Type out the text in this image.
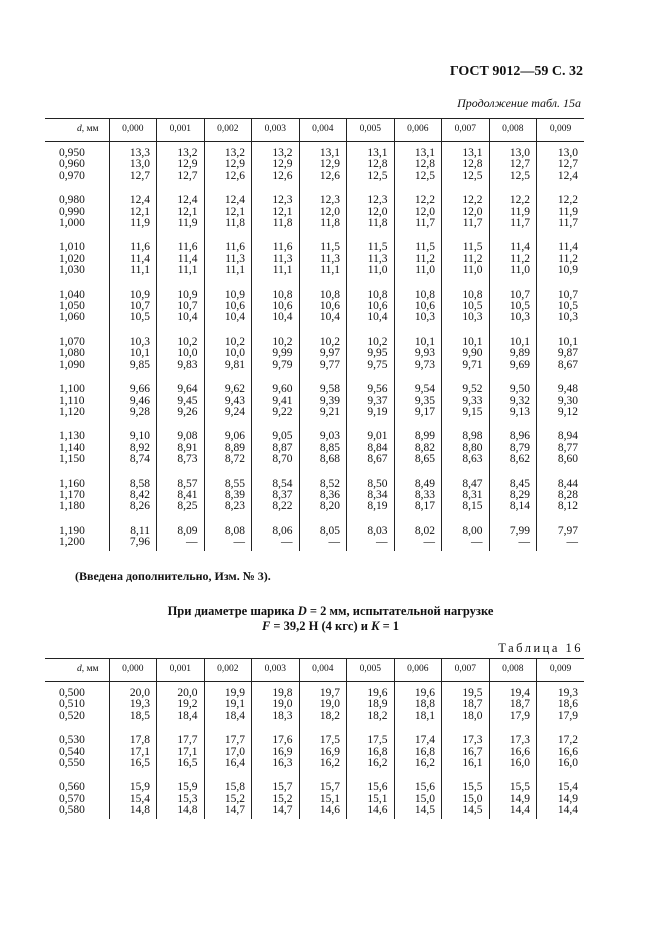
ГОСТ 9012—59 С. 32
Продолжение табл. 15а
d, мм	0,000	0,001	0,002	0,003	0,004	0,005	0,006	0,007	0,008	0,009
0,950	13,3	13,2	13,2	13,2	13,1	13,1	13,1	13,1	13,0	13,0
0,960	13,0	12,9	12,9	12,9	12,9	12,8	12,8	12,8	12,7	12,7
0,970	12,7	12,7	12,6	12,6	12,6	12,5	12,5	12,5	12,5	12,4
0,980	12,4	12,4	12,4	12,3	12,3	12,3	12,2	12,2	12,2	12,2
0,990	12,1	12,1	12,1	12,1	12,0	12,0	12,0	12,0	11,9	11,9
1,000	11,9	11,9	11,8	11,8	11,8	11,8	11,7	11,7	11,7	11,7
1,010	11,6	11,6	11,6	11,6	11,5	11,5	11,5	11,5	11,4	11,4
1,020	11,4	11,4	11,3	11,3	11,3	11,3	11,2	11,2	11,2	11,2
1,030	11,1	11,1	11,1	11,1	11,1	11,0	11,0	11,0	11,0	10,9
1,040	10,9	10,9	10,9	10,8	10,8	10,8	10,8	10,8	10,7	10,7
1,050	10,7	10,7	10,6	10,6	10,6	10,6	10,6	10,5	10,5	10,5
1,060	10,5	10,4	10,4	10,4	10,4	10,4	10,3	10,3	10,3	10,3
1,070	10,3	10,2	10,2	10,2	10,2	10,2	10,1	10,1	10,1	10,1
1,080	10,1	10,0	10,0	9,99	9,97	9,95	9,93	9,90	9,89	9,87
1,090	9,85	9,83	9,81	9,79	9,77	9,75	9,73	9,71	9,69	8,67
1,100	9,66	9,64	9,62	9,60	9,58	9,56	9,54	9,52	9,50	9,48
1,110	9,46	9,45	9,43	9,41	9,39	9,37	9,35	9,33	9,32	9,30
1,120	9,28	9,26	9,24	9,22	9,21	9,19	9,17	9,15	9,13	9,12
1,130	9,10	9,08	9,06	9,05	9,03	9,01	8,99	8,98	8,96	8,94
1,140	8,92	8,91	8,89	8,87	8,85	8,84	8,82	8,80	8,79	8,77
1,150	8,74	8,73	8,72	8,70	8,68	8,67	8,65	8,63	8,62	8,60
1,160	8,58	8,57	8,55	8,54	8,52	8,50	8,49	8,47	8,45	8,44
1,170	8,42	8,41	8,39	8,37	8,36	8,34	8,33	8,31	8,29	8,28
1,180	8,26	8,25	8,23	8,22	8,20	8,19	8,17	8,15	8,14	8,12
1,190	8,11	8,09	8,08	8,06	8,05	8,03	8,02	8,00	7,99	7,97
1,200	7,96	—	—	—	—	—	—	—	—	—
(Введена дополнительно, Изм. № 3).
При диаметре шарика D = 2 мм, испытательной нагрузке
F = 39,2 Н (4 кгс) и K = 1
Таблица 16
d, мм	0,000	0,001	0,002	0,003	0,004	0,005	0,006	0,007	0,008	0,009
0,500	20,0	20,0	19,9	19,8	19,7	19,6	19,6	19,5	19,4	19,3
0,510	19,3	19,2	19,1	19,0	19,0	18,9	18,8	18,7	18,7	18,6
0,520	18,5	18,4	18,4	18,3	18,2	18,2	18,1	18,0	17,9	17,9
0,530	17,8	17,7	17,7	17,6	17,5	17,5	17,4	17,3	17,3	17,2
0,540	17,1	17,1	17,0	16,9	16,9	16,8	16,8	16,7	16,6	16,6
0,550	16,5	16,5	16,4	16,3	16,2	16,2	16,2	16,1	16,0	16,0
0,560	15,9	15,9	15,8	15,7	15,7	15,6	15,6	15,5	15,5	15,4
0,570	15,4	15,3	15,2	15,2	15,1	15,1	15,0	15,0	14,9	14,9
0,580	14,8	14,8	14,7	14,7	14,6	14,6	14,5	14,5	14,4	14,4
